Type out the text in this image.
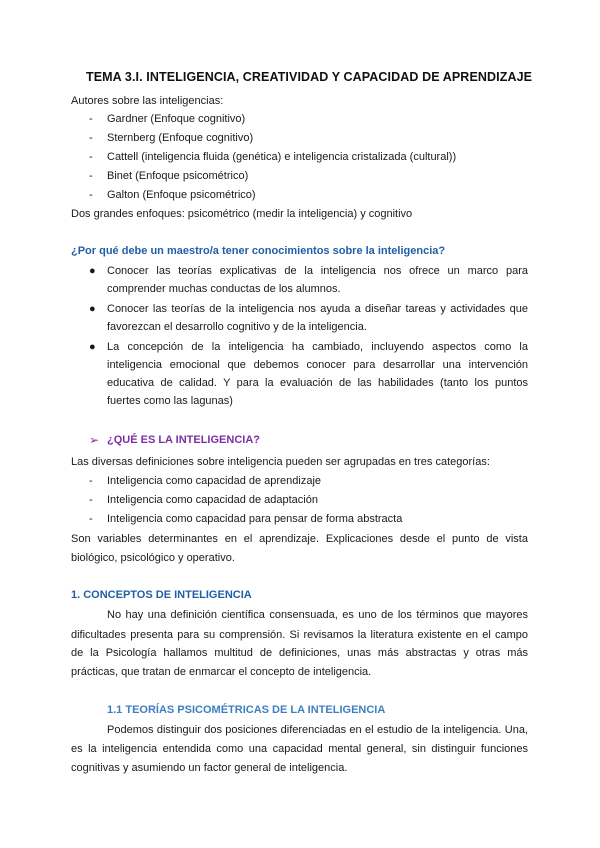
TEMA 3.I. INTELIGENCIA, CREATIVIDAD Y CAPACIDAD DE APRENDIZAJE
Autores sobre las inteligencias:
- Gardner (Enfoque cognitivo)
- Sternberg (Enfoque cognitivo)
- Cattell (inteligencia fluida (genética) e inteligencia cristalizada (cultural))
- Binet (Enfoque psicométrico)
- Galton (Enfoque psicométrico)
Dos grandes enfoques: psicométrico (medir la inteligencia) y cognitivo
¿Por qué debe un maestro/a tener conocimientos sobre la inteligencia?
● Conocer las teorías explicativas de la inteligencia nos ofrece un marco para
comprender muchas conductas de los alumnos.
● Conocer las teorías de la inteligencia nos ayuda a diseñar tareas y actividades que
favorezcan el desarrollo cognitivo y de la inteligencia.
● La concepción de la inteligencia ha cambiado, incluyendo aspectos como la
inteligencia emocional que debemos conocer para desarrollar una intervención
educativa de calidad. Y para la evaluación de las habilidades (tanto los puntos
fuertes como las lagunas)
➢ ¿QUÉ ES LA INTELIGENCIA?
Las diversas definiciones sobre inteligencia pueden ser agrupadas en tres categorías:
- Inteligencia como capacidad de aprendizaje
- Inteligencia como capacidad de adaptación
- Inteligencia como capacidad para pensar de forma abstracta
Son variables determinantes en el aprendizaje. Explicaciones desde el punto de vista
biológico, psicológico y operativo.
1. CONCEPTOS DE INTELIGENCIA
No hay una definición científica consensuada, es uno de los términos que mayores
dificultades presenta para su comprensión. Si revisamos la literatura existente en el campo
de la Psicología hallamos multitud de definiciones, unas más abstractas y otras más
prácticas, que tratan de enmarcar el concepto de inteligencia.
1.1 TEORÍAS PSICOMÉTRICAS DE LA INTELIGENCIA
Podemos distinguir dos posiciones diferenciadas en el estudio de la inteligencia. Una,
es la inteligencia entendida como una capacidad mental general, sin distinguir funciones
cognitivas y asumiendo un factor general de inteligencia.
